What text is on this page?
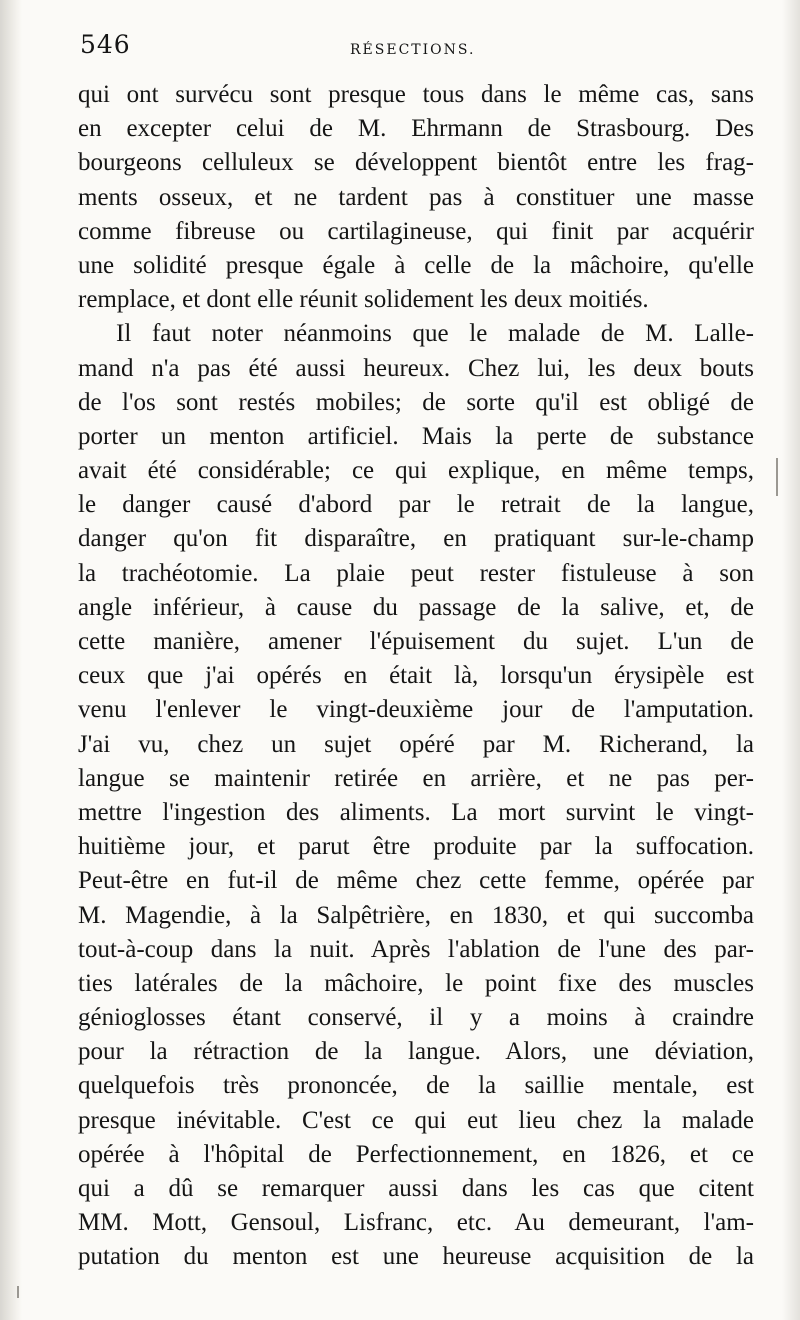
546	RÉSECTIONS.
qui ont survécu sont presque tous dans le même cas, sans
en excepter celui de M. Ehrmann de Strasbourg. Des
bourgeons celluleux se développent bientôt entre les frag-
ments osseux, et ne tardent pas à constituer une masse
comme fibreuse ou cartilagineuse, qui finit par acquérir
une solidité presque égale à celle de la mâchoire, qu'elle
remplace, et dont elle réunit solidement les deux moitiés.
Il faut noter néanmoins que le malade de M. Lalle-
mand n'a pas été aussi heureux. Chez lui, les deux bouts
de l'os sont restés mobiles; de sorte qu'il est obligé de
porter un menton artificiel. Mais la perte de substance
avait été considérable; ce qui explique, en même temps,
le danger causé d'abord par le retrait de la langue,
danger qu'on fit disparaître, en pratiquant sur-le-champ
la trachéotomie. La plaie peut rester fistuleuse à son
angle inférieur, à cause du passage de la salive, et, de
cette manière, amener l'épuisement du sujet. L'un de
ceux que j'ai opérés en était là, lorsqu'un érysipèle est
venu l'enlever le vingt-deuxième jour de l'amputation.
J'ai vu, chez un sujet opéré par M. Richerand, la
langue se maintenir retirée en arrière, et ne pas per-
mettre l'ingestion des aliments. La mort survint le vingt-
huitième jour, et parut être produite par la suffocation.
Peut-être en fut-il de même chez cette femme, opérée par
M. Magendie, à la Salpêtrière, en 1830, et qui succomba
tout-à-coup dans la nuit. Après l'ablation de l'une des par-
ties latérales de la mâchoire, le point fixe des muscles
génioglosses étant conservé, il y a moins à craindre
pour la rétraction de la langue. Alors, une déviation,
quelquefois très prononcée, de la saillie mentale, est
presque inévitable. C'est ce qui eut lieu chez la malade
opérée à l'hôpital de Perfectionnement, en 1826, et ce
qui a dû se remarquer aussi dans les cas que citent
MM. Mott, Gensoul, Lisfranc, etc. Au demeurant, l'am-
putation du menton est une heureuse acquisition de la
